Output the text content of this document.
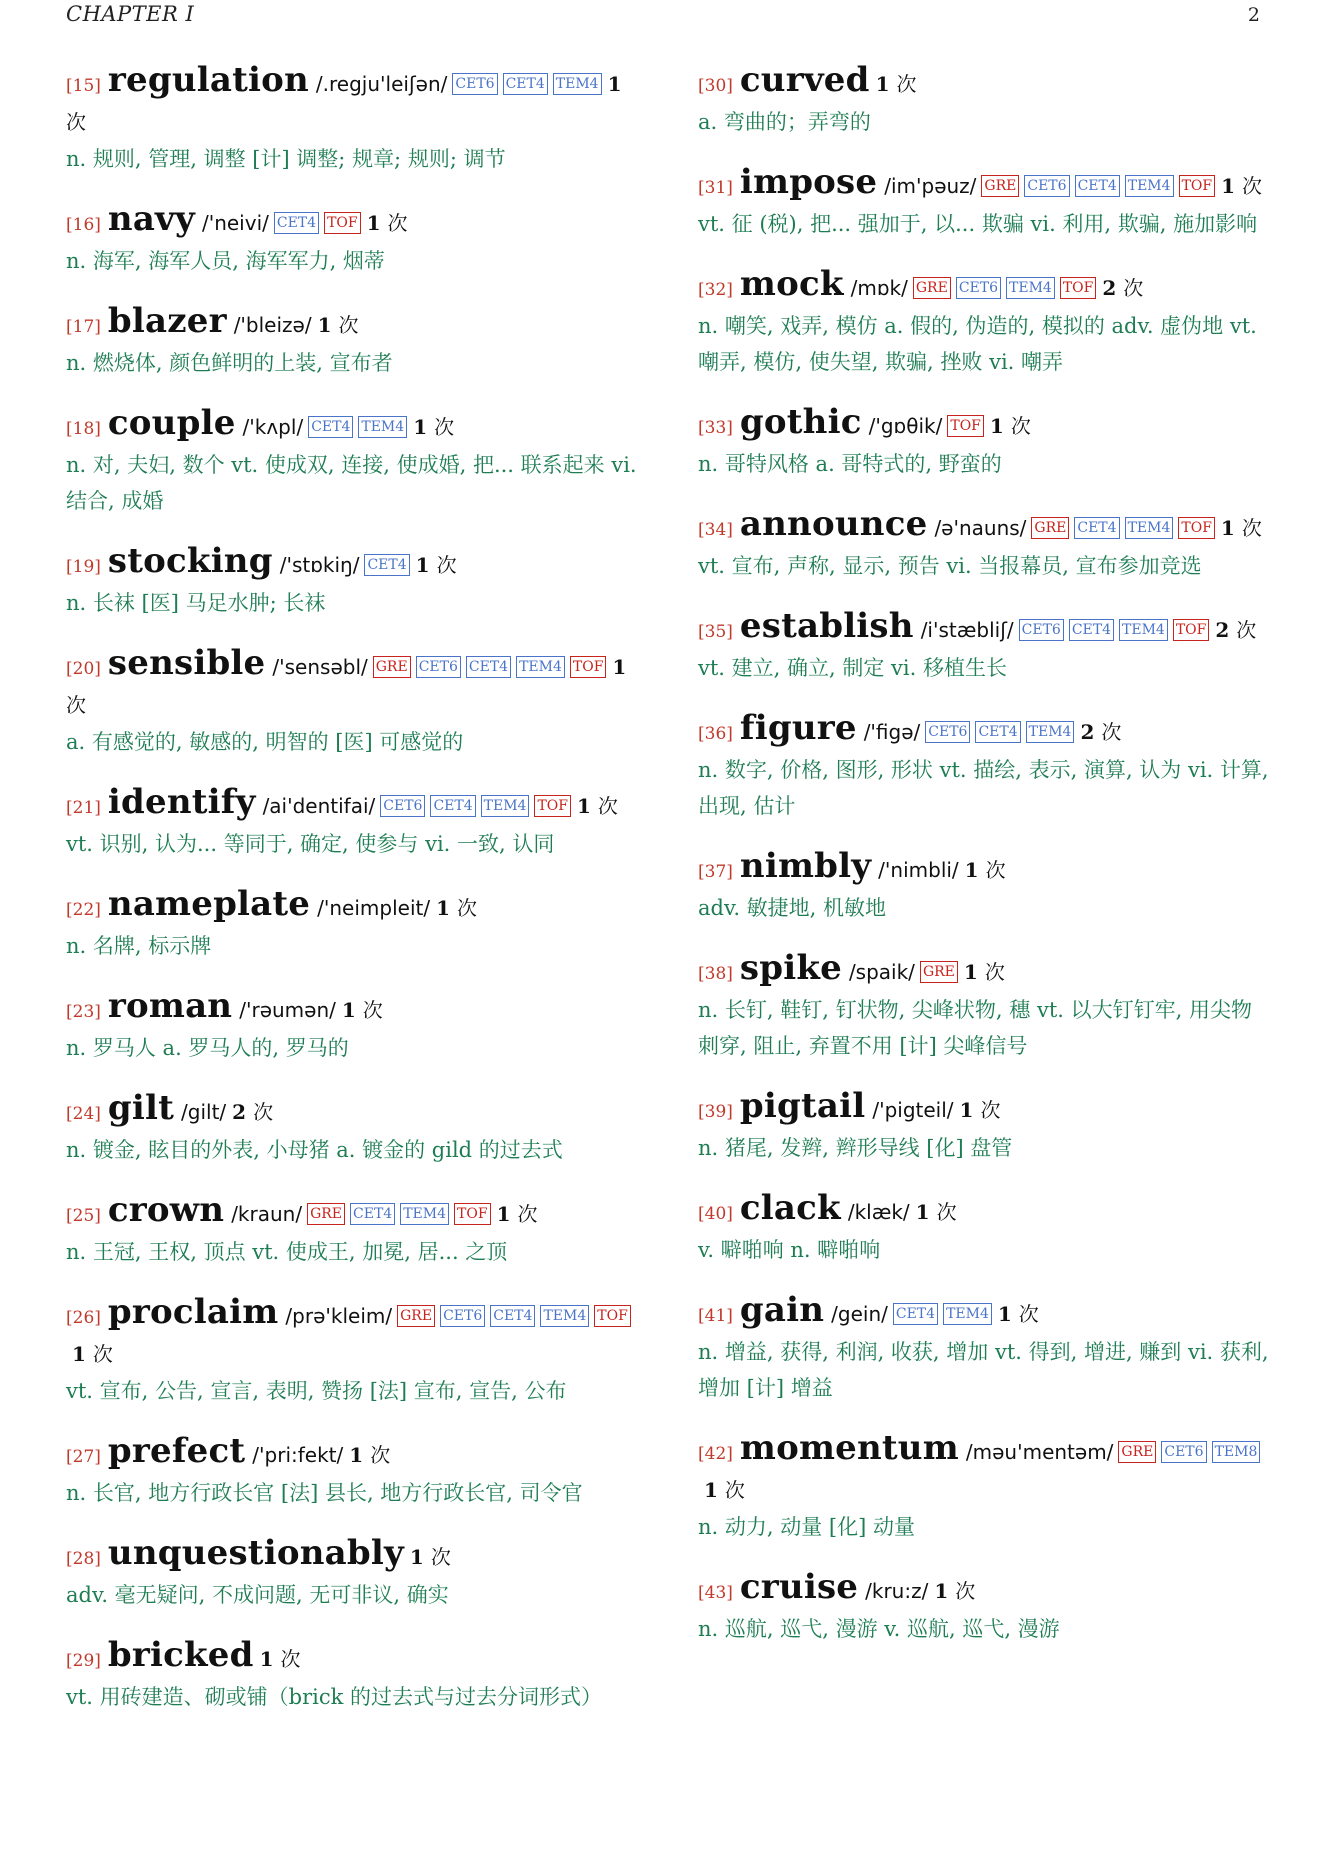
CHAPTER I	2
[15] regulation /.regju'leiʃən/ CET6 CET4 TEM4 1 次
n. 规则, 管理, 调整 [计] 调整; 规章; 规则; 调节
[16] navy /'neivi/ CET4 TOF 1 次
n. 海军, 海军人员, 海军军力, 烟蒂
[17] blazer /'bleizə/ 1 次
n. 燃烧体, 颜色鲜明的上装, 宣布者
[18] couple /'kʌpl/ CET4 TEM4 1 次
n. 对, 夫妇, 数个 vt. 使成双, 连接, 使成婚, 把... 联系起来 vi. 结合, 成婚
[19] stocking /'stɒkiŋ/ CET4 1 次
n. 长袜 [医] 马足水肿; 长袜
[20] sensible /'sensəbl/ GRE CET6 CET4 TEM4 TOF 1 次
a. 有感觉的, 敏感的, 明智的 [医] 可感觉的
[21] identify /ai'dentifai/ CET6 CET4 TEM4 TOF 1 次
vt. 识别, 认为... 等同于, 确定, 使参与 vi. 一致, 认同
[22] nameplate /'neimpleit/ 1 次
n. 名牌, 标示牌
[23] roman /'rəumən/ 1 次
n. 罗马人 a. 罗马人的, 罗马的
[24] gilt /gilt/ 2 次
n. 镀金, 眩目的外表, 小母猪 a. 镀金的 gild 的过去式
[25] crown /kraun/ GRE CET4 TEM4 TOF 1 次
n. 王冠, 王权, 顶点 vt. 使成王, 加冕, 居... 之顶
[26] proclaim /prə'kleim/ GRE CET6 CET4 TEM4 TOF1 次
vt. 宣布, 公告, 宣言, 表明, 赞扬 [法] 宣布, 宣告, 公布
[27] prefect /'pri:fekt/ 1 次
n. 长官, 地方行政长官 [法] 县长, 地方行政长官, 司令官
[28] unquestionably 1 次
adv. 毫无疑问, 不成问题, 无可非议, 确实
[29] bricked 1 次
vt. 用砖建造、砌或铺（brick 的过去式与过去分词形式）
[30] curved 1 次
a. 弯曲的；弄弯的
[31] impose /im'pəuz/ GRE CET6 CET4 TEM4 TOF 1 次
vt. 征 (税), 把... 强加于, 以... 欺骗 vi. 利用, 欺骗, 施加影响
[32] mock /mɒk/ GRE CET6 TEM4 TOF 2 次
n. 嘲笑, 戏弄, 模仿 a. 假的, 伪造的, 模拟的 adv. 虚伪地 vt. 嘲弄, 模仿, 使失望, 欺骗, 挫败 vi. 嘲弄
[33] gothic /'gɒθik/ TOF 1 次
n. 哥特风格 a. 哥特式的, 野蛮的
[34] announce /ə'nauns/ GRE CET4 TEM4 TOF 1 次
vt. 宣布, 声称, 显示, 预告 vi. 当报幕员, 宣布参加竞选
[35] establish /i'stæbliʃ/ CET6 CET4 TEM4 TOF 2 次
vt. 建立, 确立, 制定 vi. 移植生长
[36] figure /'figə/ CET6 CET4 TEM4 2 次
n. 数字, 价格, 图形, 形状 vt. 描绘, 表示, 演算, 认为 vi. 计算, 出现, 估计
[37] nimbly /'nimbli/ 1 次
adv. 敏捷地, 机敏地
[38] spike /spaik/ GRE 1 次
n. 长钉, 鞋钉, 钉状物, 尖峰状物, 穗 vt. 以大钉钉牢, 用尖物刺穿, 阻止, 弃置不用 [计] 尖峰信号
[39] pigtail /'pigteil/ 1 次
n. 猪尾, 发辫, 辫形导线 [化] 盘管
[40] clack /klæk/ 1 次
v. 噼啪响 n. 噼啪响
[41] gain /gein/ CET4 TEM4 1 次
n. 增益, 获得, 利润, 收获, 增加 vt. 得到, 增进, 赚到 vi. 获利, 增加 [计] 增益
[42] momentum /məu'mentəm/ GRE CET6 TEM81 次
n. 动力, 动量 [化] 动量
[43] cruise /kru:z/ 1 次
n. 巡航, 巡弋, 漫游 v. 巡航, 巡弋, 漫游
